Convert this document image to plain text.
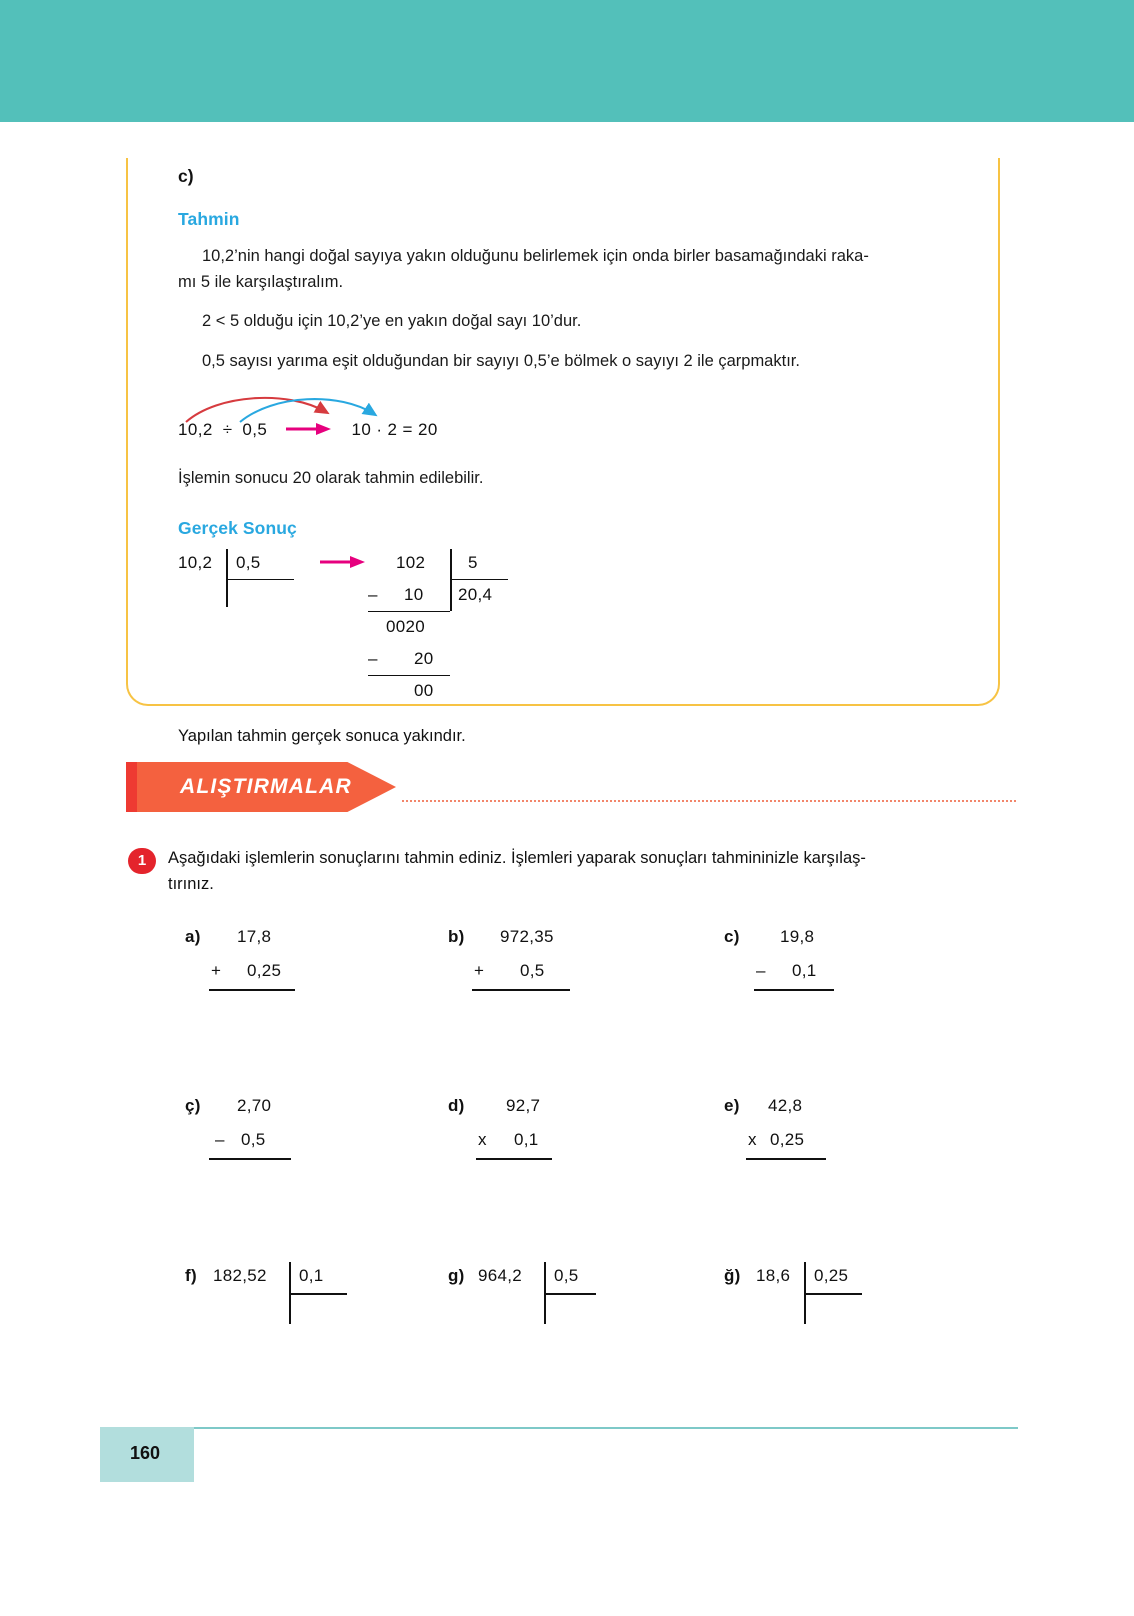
c)
Tahmin

10,2’nin hangi doğal sayıya yakın olduğunu belirlemek için onda birler basamağındaki raka-
mı 5 ile karşılaştıralım.

2 < 5 olduğu için 10,2’ye en yakın doğal sayı 10’dur.

0,5 sayısı yarıma eşit olduğundan bir sayıyı 0,5’e bölmek o sayıyı 2 ile çarpmaktır.

10,2 ÷ 0,5	10 · 2 = 20

İşlemin sonucu 20 olarak tahmin edilebilir.

Gerçek Sonuç
10,2 0,5	102	5
20,4
– 10
0020
– 20
00

Yapılan tahmin gerçek sonuca yakındır.

ALIŞTIRMALAR
1	Aşağıdaki işlemlerin sonuçlarını tahmin ediniz. İşlemleri yaparak sonuçları tahmininizle karşılaş-
tırınız.
a) 17,8
+ 0,25
b) 972,35
+ 0,5
c) 19,8
– 0,1
ç) 2,70
– 0,5
d) 92,7
x 0,1
e) 42,8
x 0,25
f) 182,52 0,1	g) 964,2 0,5	ğ) 18,6 0,25
160
